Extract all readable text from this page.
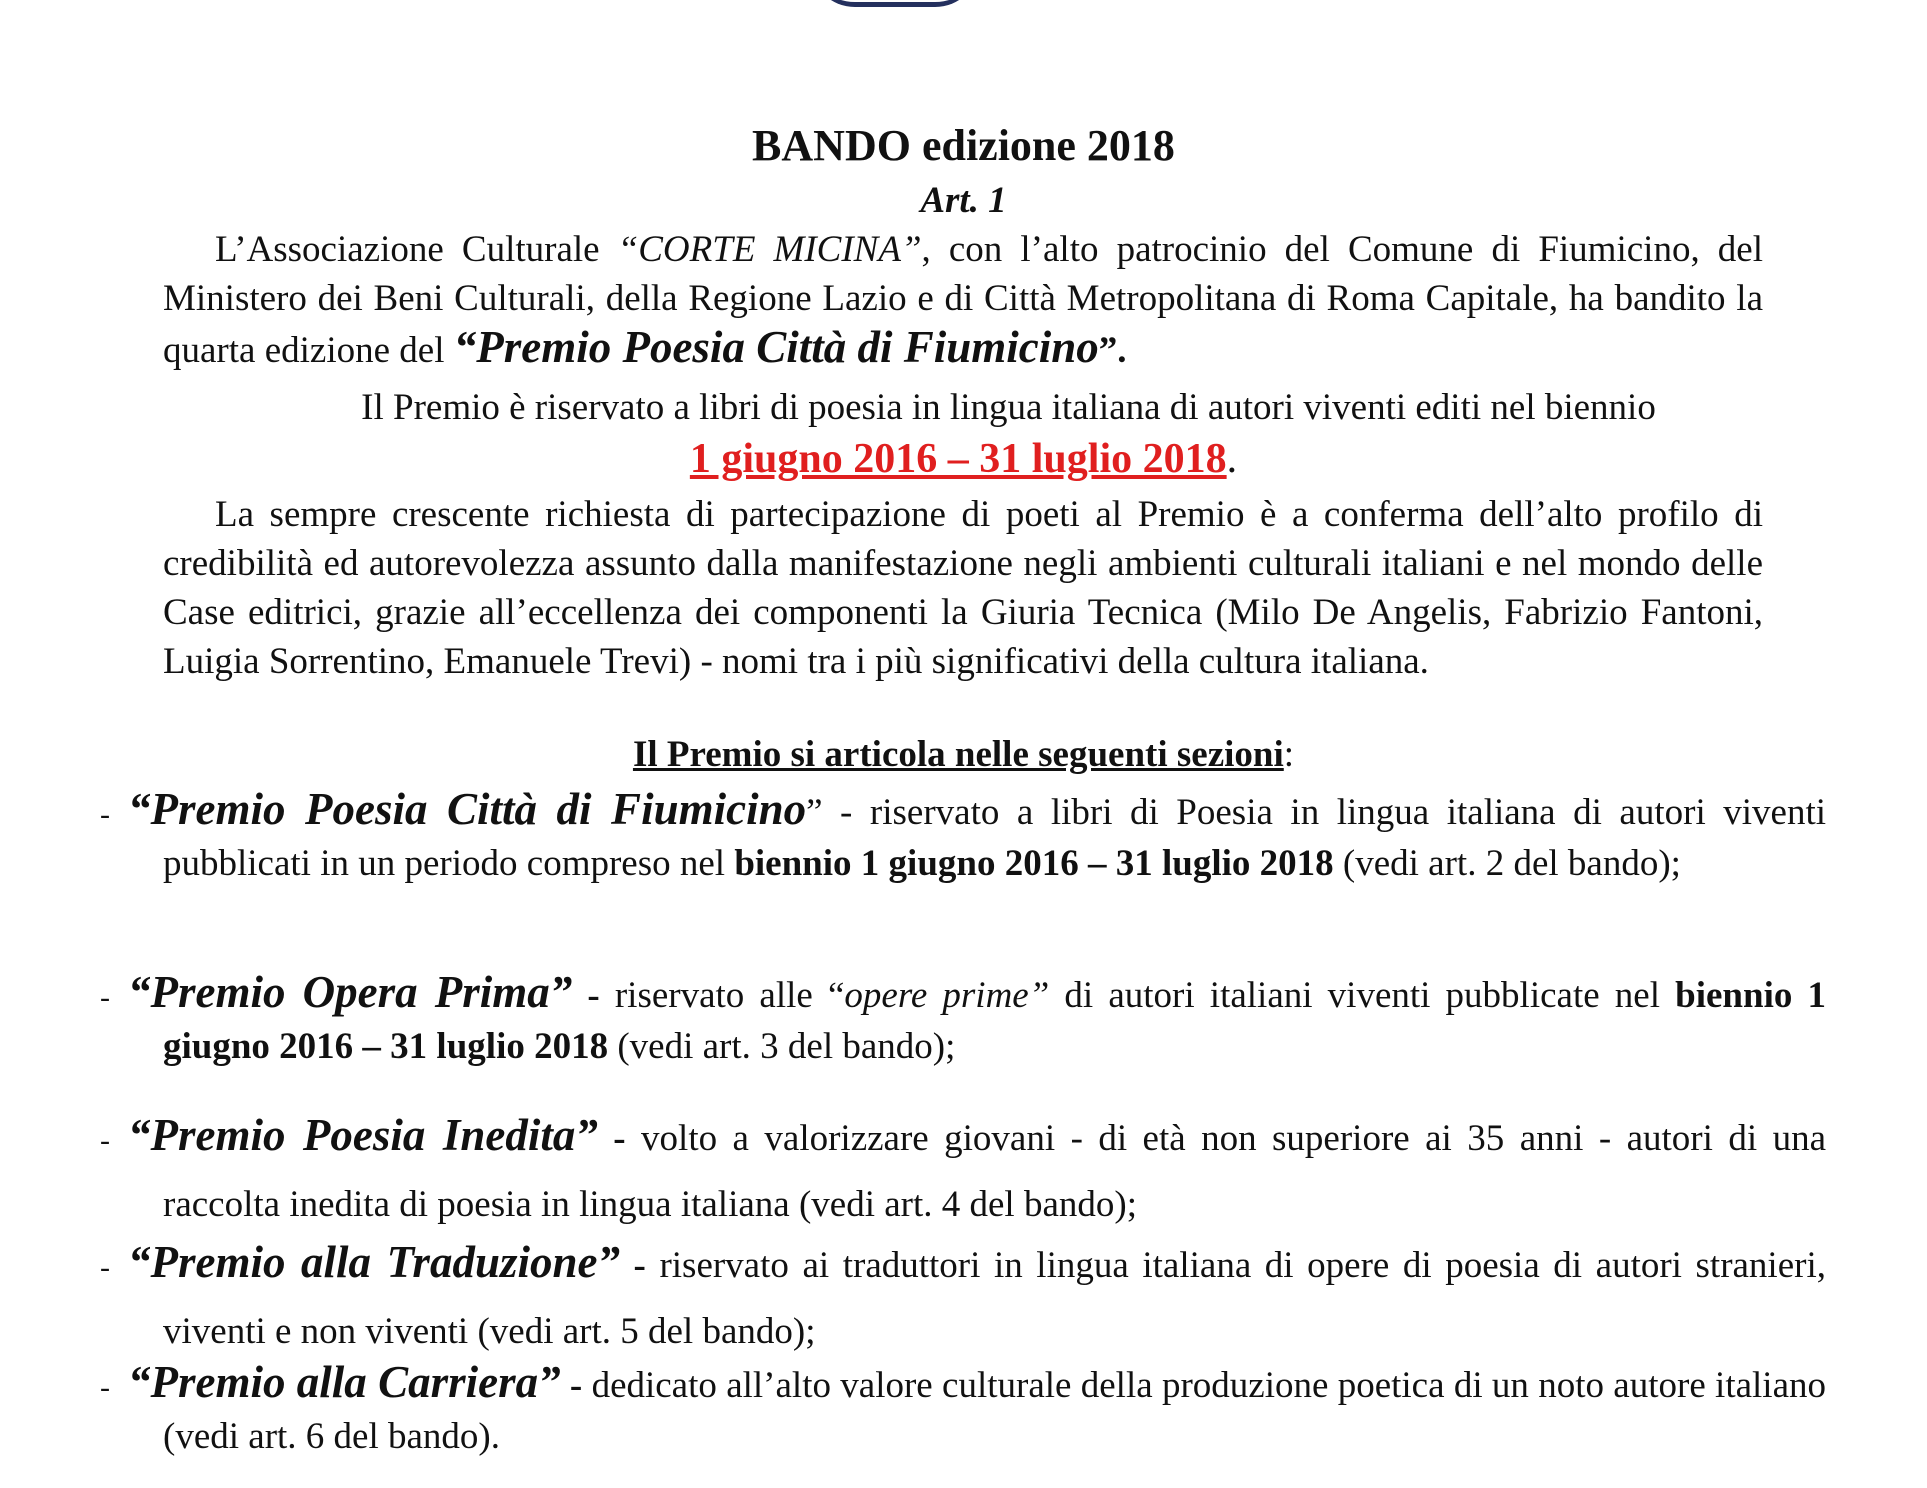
BANDO edizione 2018
Art. 1

L’Associazione Culturale “CORTE MICINA”, con l’alto patrocinio del Comune di Fiumicino, del Ministero dei Beni Culturali, della Regione Lazio e di Città Metropolitana di Roma Capitale, ha bandito la quarta edizione del “Premio Poesia Città di Fiumicino”.

Il Premio è riservato a libri di poesia in lingua italiana di autori viventi editi nel biennio

1 giugno 2016 – 31 luglio 2018.

La sempre crescente richiesta di partecipazione di poeti al Premio è a conferma dell’alto profilo di credibilità ed autorevolezza assunto dalla manifestazione negli ambienti culturali italiani e nel mondo delle Case editrici, grazie all’eccellenza dei componenti la Giuria Tecnica (Milo De Angelis, Fabrizio Fantoni, Luigia Sorrentino, Emanuele Trevi) - nomi tra i più significativi della cultura italiana.

Il Premio si articola nelle seguenti sezioni:

- “Premio Poesia Città di Fiumicino” - riservato a libri di Poesia in lingua italiana di autori viventi pubblicati in un periodo compreso nel biennio 1 giugno 2016 – 31 luglio 2018 (vedi art. 2 del bando);

- “Premio Opera Prima” - riservato alle “opere prime” di autori italiani viventi pubblicate nel biennio 1 giugno 2016 – 31 luglio 2018 (vedi art. 3 del bando);

- “Premio Poesia Inedita” - volto a valorizzare giovani - di età non superiore ai 35 anni - autori di una raccolta inedita di poesia in lingua italiana (vedi art. 4 del bando);

- “Premio alla Traduzione” - riservato ai traduttori in lingua italiana di opere di poesia di autori stranieri, viventi e non viventi (vedi art. 5 del bando);

- “Premio alla Carriera” - dedicato all’alto valore culturale della produzione poetica di un noto autore italiano (vedi art. 6 del bando).
